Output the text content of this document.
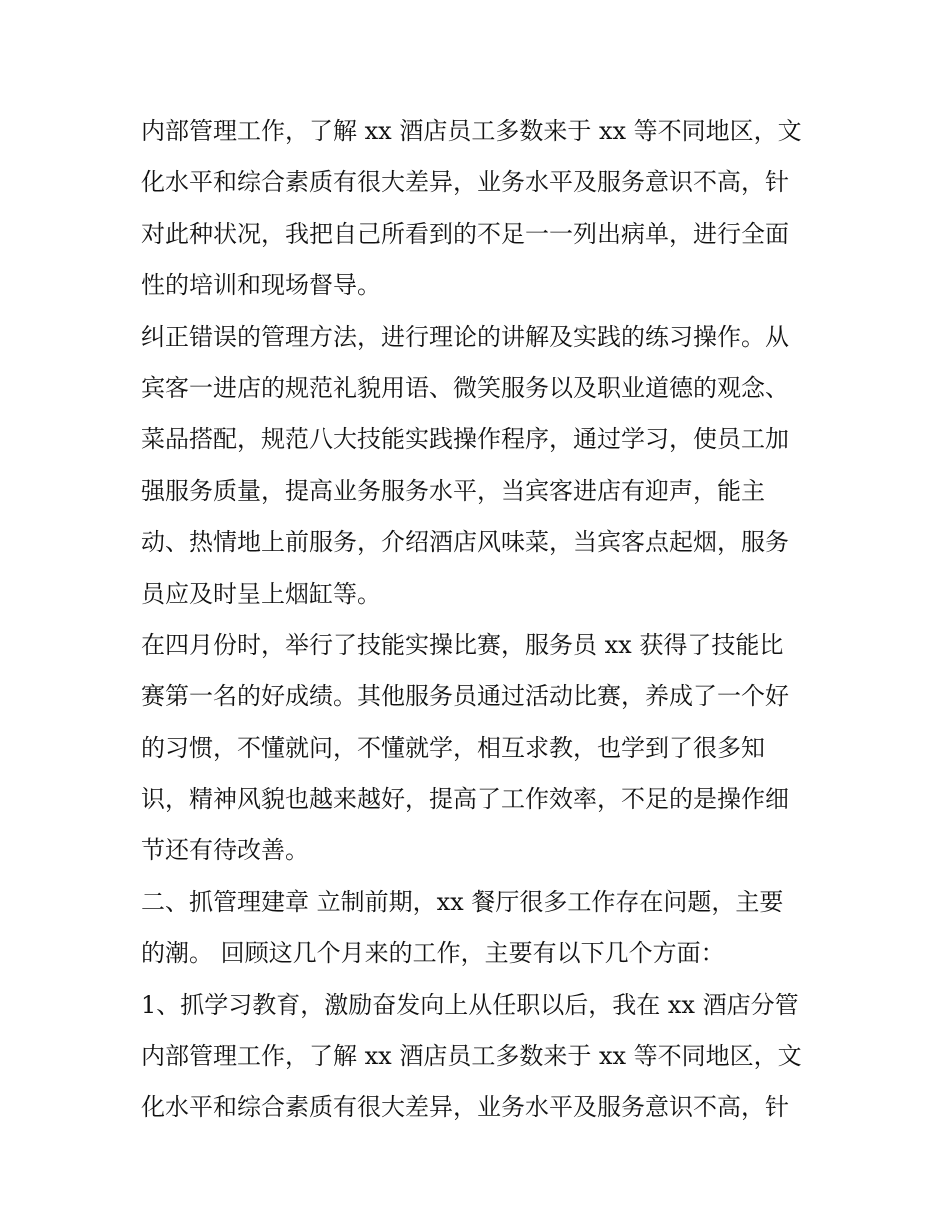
内部管理工作，了解 xx 酒店员工多数来于 xx 等不同地区，文
化水平和综合素质有很大差异，业务水平及服务意识不高，针
对此种状况，我把自己所看到的不足一一列出病单，进行全面
性的培训和现场督导。
纠正错误的管理方法，进行理论的讲解及实践的练习操作。从
宾客一进店的规范礼貌用语、微笑服务以及职业道德的观念、
菜品搭配，规范八大技能实践操作程序，通过学习，使员工加
强服务质量，提高业务服务水平，当宾客进店有迎声，能主
动、热情地上前服务，介绍酒店风味菜，当宾客点起烟，服务
员应及时呈上烟缸等。
在四月份时，举行了技能实操比赛，服务员 xx 获得了技能比
赛第一名的好成绩。其他服务员通过活动比赛，养成了一个好
的习惯，不懂就问，不懂就学，相互求教，也学到了很多知
识，精神风貌也越来越好，提高了工作效率，不足的是操作细
节还有待改善。
二、抓管理建章 立制前期，xx 餐厅很多工作存在问题，主要
的潮。 回顾这几个月来的工作，主要有以下几个方面：
1、抓学习教育，激励奋发向上从任职以后，我在 xx 酒店分管
内部管理工作，了解 xx 酒店员工多数来于 xx 等不同地区，文
化水平和综合素质有很大差异，业务水平及服务意识不高，针
